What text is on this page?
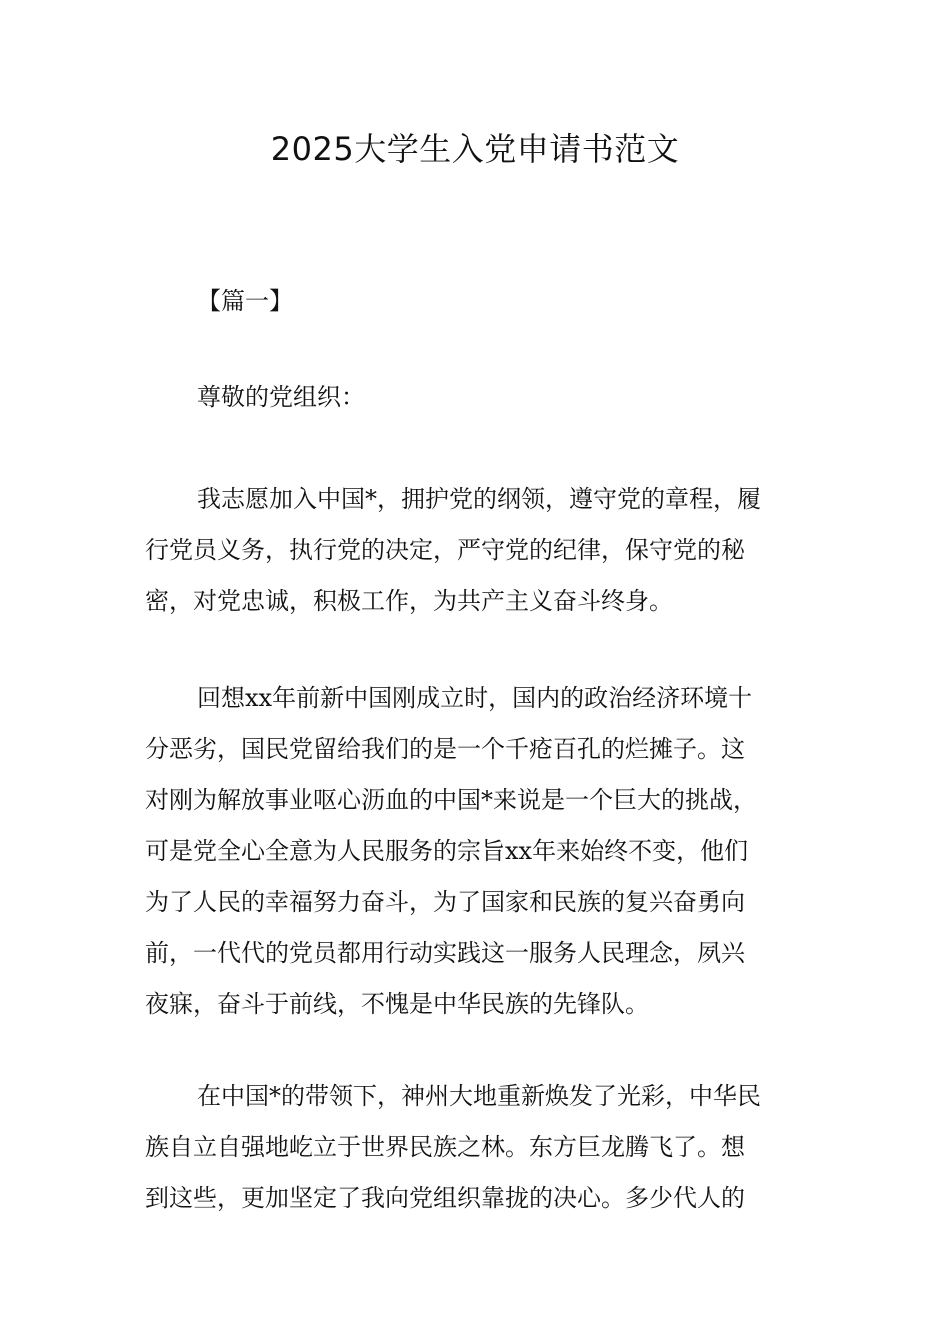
2025大学生入党申请书范文
【篇一】
尊敬的党组织：
我志愿加入中国*，拥护党的纲领，遵守党的章程，履
行党员义务，执行党的决定，严守党的纪律，保守党的秘
密，对党忠诚，积极工作，为共产主义奋斗终身。
回想xx年前新中国刚成立时，国内的政治经济环境十
分恶劣，国民党留给我们的是一个千疮百孔的烂摊子。这
对刚为解放事业呕心沥血的中国*来说是一个巨大的挑战，
可是党全心全意为人民服务的宗旨xx年来始终不变，他们
为了人民的幸福努力奋斗，为了国家和民族的复兴奋勇向
前，一代代的党员都用行动实践这一服务人民理念，夙兴
夜寐，奋斗于前线，不愧是中华民族的先锋队。
在中国*的带领下，神州大地重新焕发了光彩，中华民
族自立自强地屹立于世界民族之林。东方巨龙腾飞了。想
到这些，更加坚定了我向党组织靠拢的决心。多少代人的
